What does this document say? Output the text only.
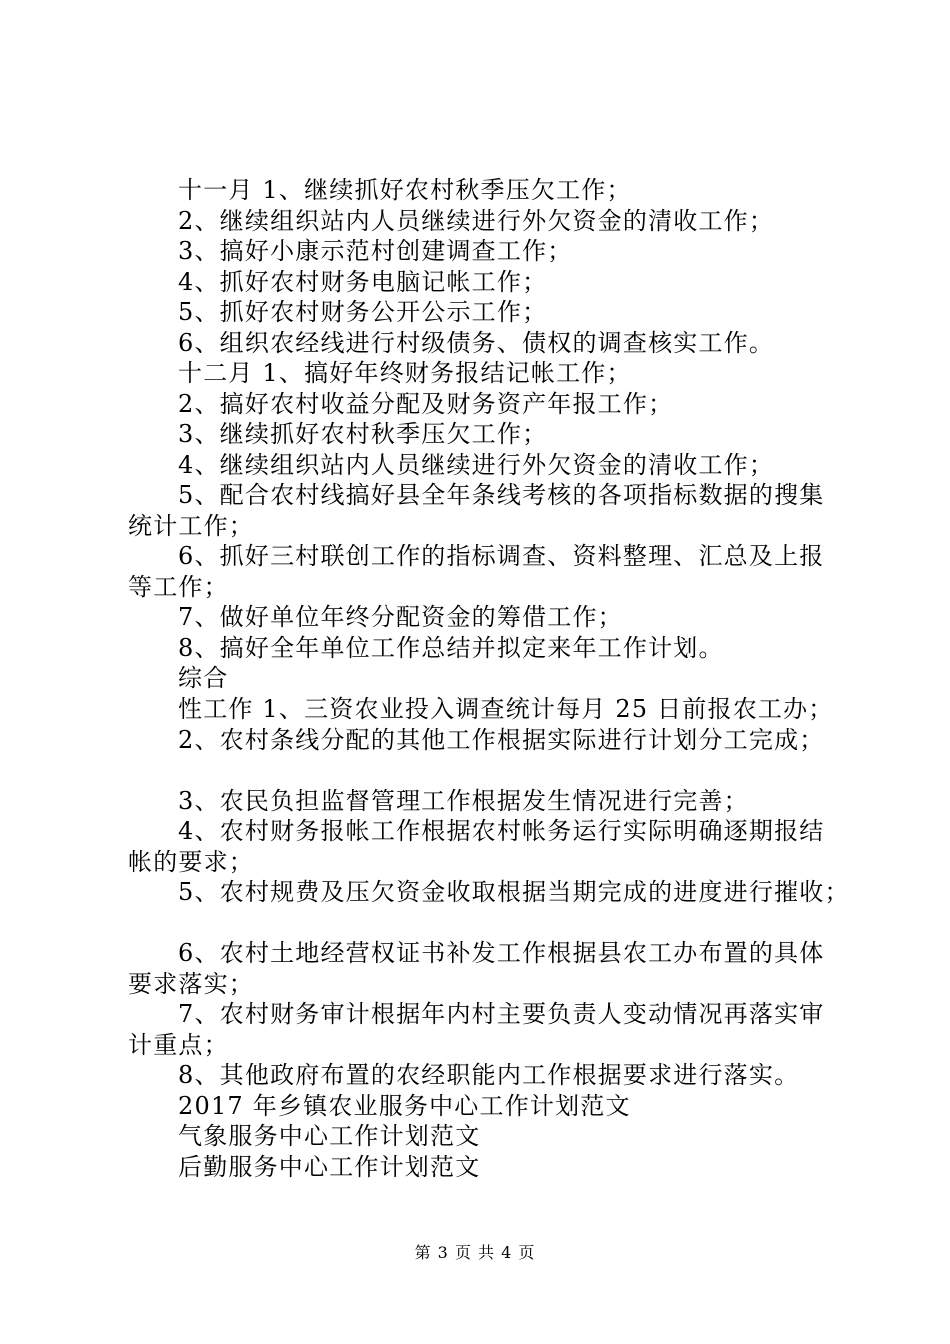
十一月 1、继续抓好农村秋季压欠工作；
2、继续组织站内人员继续进行外欠资金的清收工作；
3、搞好小康示范村创建调查工作；
4、抓好农村财务电脑记帐工作；
5、抓好农村财务公开公示工作；
6、组织农经线进行村级债务、债权的调查核实工作。
十二月 1、搞好年终财务报结记帐工作；
2、搞好农村收益分配及财务资产年报工作；
3、继续抓好农村秋季压欠工作；
4、继续组织站内人员继续进行外欠资金的清收工作；
5、配合农村线搞好县全年条线考核的各项指标数据的搜集
统计工作；
6、抓好三村联创工作的指标调查、资料整理、汇总及上报
等工作；
7、做好单位年终分配资金的筹借工作；
8、搞好全年单位工作总结并拟定来年工作计划。
综合
性工作 1、三资农业投入调查统计每月 25 日前报农工办；
2、农村条线分配的其他工作根据实际进行计划分工完成；
3、农民负担监督管理工作根据发生情况进行完善；
4、农村财务报帐工作根据农村帐务运行实际明确逐期报结
帐的要求；
5、农村规费及压欠资金收取根据当期完成的进度进行摧收；
6、农村土地经营权证书补发工作根据县农工办布置的具体
要求落实；
7、农村财务审计根据年内村主要负责人变动情况再落实审
计重点；
8、其他政府布置的农经职能内工作根据要求进行落实。
2017 年乡镇农业服务中心工作计划范文
气象服务中心工作计划范文
后勤服务中心工作计划范文
第 3 页 共 4 页
